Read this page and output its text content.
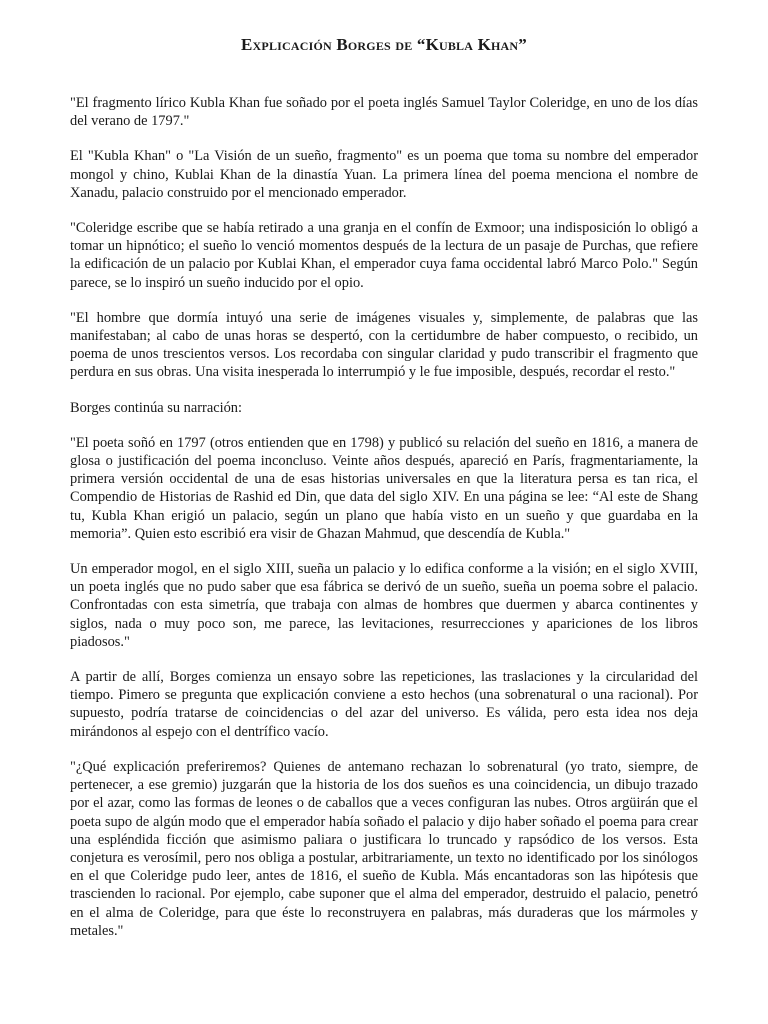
Explicación Borges de “Kubla Khan”

"El fragmento lírico Kubla Khan fue soñado por el poeta inglés Samuel Taylor Coleridge, en uno de los días del verano de 1797."

El "Kubla Khan" o "La Visión de un sueño, fragmento" es un poema que toma su nombre del emperador mongol y chino, Kublai Khan de la dinastía Yuan. La primera línea del poema menciona el nombre de Xanadu, palacio construido por el mencionado emperador.

"Coleridge escribe que se había retirado a una granja en el confín de Exmoor; una indisposición lo obligó a tomar un hipnótico; el sueño lo venció momentos después de la lectura de un pasaje de Purchas, que refiere la edificación de un palacio por Kublai Khan, el emperador cuya fama occidental labró Marco Polo." Según parece, se lo inspiró un sueño inducido por el opio.

"El hombre que dormía intuyó una serie de imágenes visuales y, simplemente, de palabras que las manifestaban; al cabo de unas horas se despertó, con la certidumbre de haber compuesto, o recibido, un poema de unos trescientos versos. Los recordaba con singular claridad y pudo transcribir el fragmento que perdura en sus obras. Una visita inesperada lo interrumpió y le fue imposible, después, recordar el resto."

Borges continúa su narración:

"El poeta soñó en 1797 (otros entienden que en 1798) y publicó su relación del sueño en 1816, a manera de glosa o justificación del poema inconcluso. Veinte años después, apareció en París, fragmentariamente, la primera versión occidental de una de esas historias universales en que la literatura persa es tan rica, el Compendio de Historias de Rashid ed Din, que data del siglo XIV. En una página se lee: “Al este de Shang tu, Kubla Khan erigió un palacio, según un plano que había visto en un sueño y que guardaba en la memoria”. Quien esto escribió era visir de Ghazan Mahmud, que descendía de Kubla."

Un emperador mogol, en el siglo XIII, sueña un palacio y lo edifica conforme a la visión; en el siglo XVIII, un poeta inglés que no pudo saber que esa fábrica se derivó de un sueño, sueña un poema sobre el palacio. Confrontadas con esta simetría, que trabaja con almas de hombres que duermen y abarca continentes y siglos, nada o muy poco son, me parece, las levitaciones, resurrecciones y apariciones de los libros piadosos."

A partir de allí, Borges comienza un ensayo sobre las repeticiones, las traslaciones y la circularidad del tiempo. Pimero se pregunta que explicación conviene a esto hechos (una sobrenatural o una racional). Por supuesto, podría tratarse de coincidencias o del azar del universo. Es válida, pero esta idea nos deja mirándonos al espejo con el dentrífico vacío.

"¿Qué explicación preferiremos? Quienes de antemano rechazan lo sobrenatural (yo trato, siempre, de pertenecer, a ese gremio) juzgarán que la historia de los dos sueños es una coincidencia, un dibujo trazado por el azar, como las formas de leones o de caballos que a veces configuran las nubes. Otros argüirán que el poeta supo de algún modo que el emperador había soñado el palacio y dijo haber soñado el poema para crear una espléndida ficción que asimismo paliara o justificara lo truncado y rapsódico de los versos. Esta conjetura es verosímil, pero nos obliga a postular, arbitrariamente, un texto no identificado por los sinólogos en el que Coleridge pudo leer, antes de 1816, el sueño de Kubla. Más encantadoras son las hipótesis que trascienden lo racional. Por ejemplo, cabe suponer que el alma del emperador, destruido el palacio, penetró en el alma de Coleridge, para que éste lo reconstruyera en palabras, más duraderas que los mármoles y metales."
